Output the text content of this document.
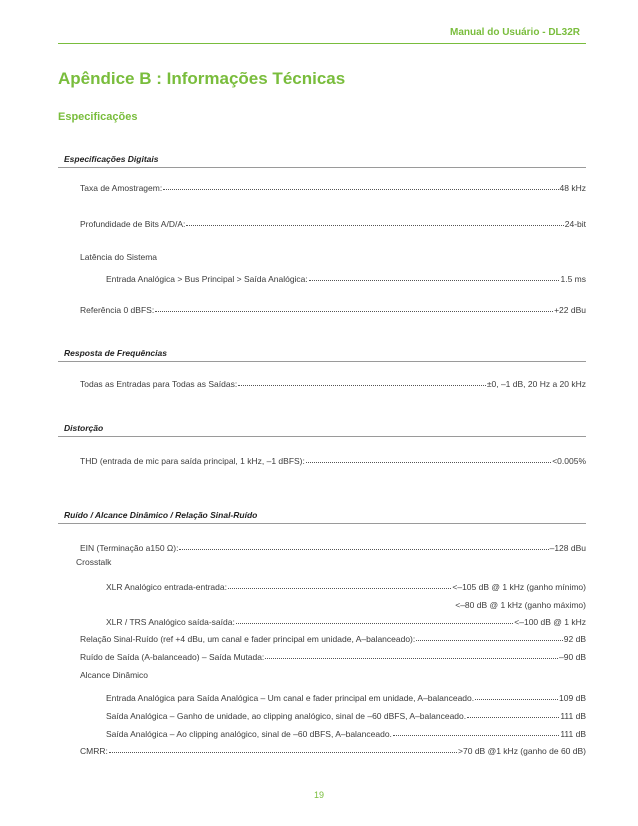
Manual do Usuário - DL32R
Apêndice B : Informações Técnicas
Especificações
Especificações Digitais
Taxa de Amostragem:	48 kHz
Profundidade de Bits A/D/A:	24-bit
Latência do Sistema
Entrada Analógica > Bus Principal > Saída Analógica:	1.5 ms
Referência 0 dBFS:	+22 dBu
Resposta de Frequências
Todas as Entradas para Todas as Saídas:	±0, –1 dB, 20 Hz a 20 kHz
Distorção
THD (entrada de mic para saída principal, 1 kHz, –1 dBFS):	<0.005%
Ruído / Alcance Dinâmico / Relação Sinal-Ruído
EIN (Terminação a150 Ω):	–128 dBu
Crosstalk
XLR Analógico entrada-entrada:	<–105 dB @ 1 kHz (ganho mínimo)
<–80 dB @ 1 kHz (ganho máximo)
XLR / TRS Analógico saída-saída:	<–100 dB @ 1 kHz
Relação Sinal-Ruído (ref +4 dBu, um canal e fader principal em unidade, A–balanceado):	92 dB
Ruído de Saída (A-balanceado) – Saída Mutada:	–90 dB
Alcance Dinâmico
Entrada Analógica para Saída Analógica – Um canal e fader principal em unidade, A–balanceado.	109 dB
Saída Analógica – Ganho de unidade, ao clipping analógico, sinal de –60 dBFS, A–balanceado.	111 dB
Saída Analógica – Ao clipping analógico, sinal de –60 dBFS, A–balanceado.	111 dB
CMRR:	>70 dB @1 kHz (ganho de 60 dB)
19
